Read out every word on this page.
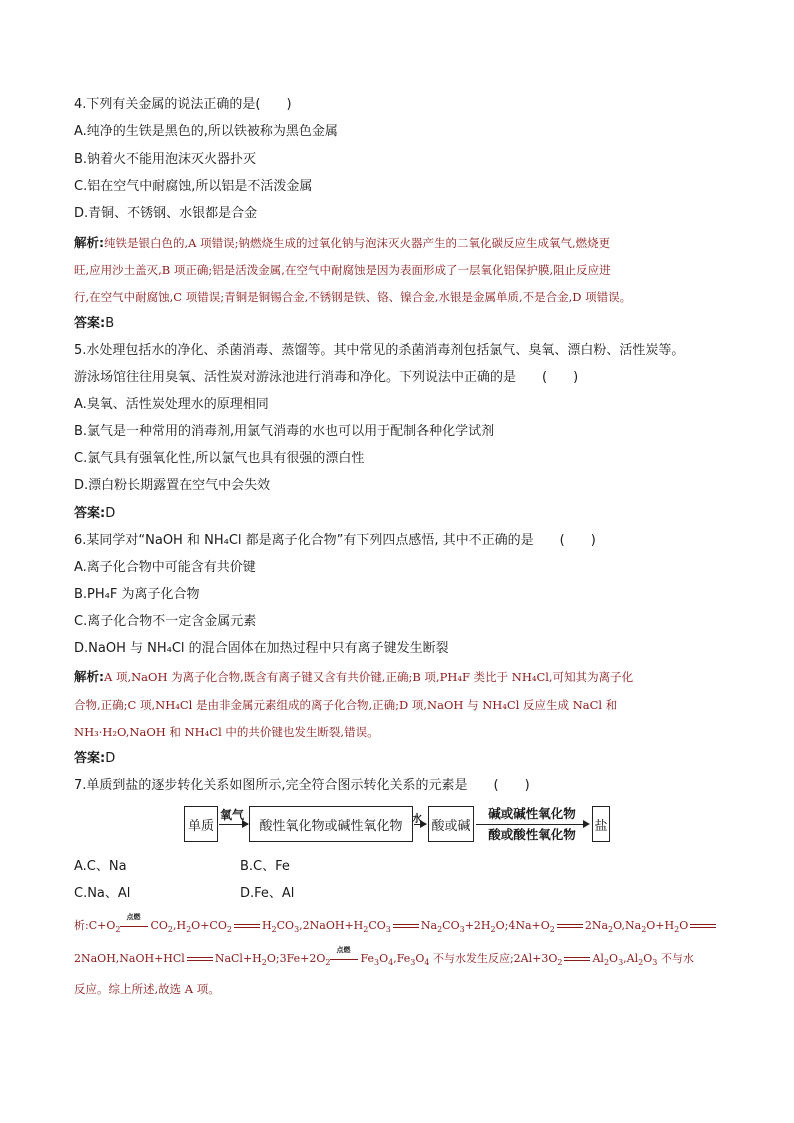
4.下列有关金属的说法正确的是(　　)
A.纯净的生铁是黑色的,所以铁被称为黑色金属
B.钠着火不能用泡沫灭火器扑灭
C.铝在空气中耐腐蚀,所以铝是不活泼金属
D.青铜、不锈钢、水银都是合金
解析:纯铁是银白色的,A 项错误;钠燃烧生成的过氧化钠与泡沫灭火器产生的二氧化碳反应生成氧气,燃烧更
旺,应用沙土盖灭,B 项正确;铝是活泼金属,在空气中耐腐蚀是因为表面形成了一层氧化铝保护膜,阻止反应进
行,在空气中耐腐蚀,C 项错误;青铜是铜锡合金,不锈钢是铁、铬、镍合金,水银是金属单质,不是合金,D 项错误。
答案:B
5.水处理包括水的净化、杀菌消毒、蒸馏等。其中常见的杀菌消毒剂包括氯气、臭氧、漂白粉、活性炭等。
游泳场馆往往用臭氧、活性炭对游泳池进行消毒和净化。下列说法中正确的是　　(　　)
A.臭氧、活性炭处理水的原理相同
B.氯气是一种常用的消毒剂,用氯气消毒的水也可以用于配制各种化学试剂
C.氯气具有强氧化性,所以氯气也具有很强的漂白性
D.漂白粉长期露置在空气中会失效
答案:D
6.某同学对“NaOH 和 NH₄Cl 都是离子化合物”有下列四点感悟, 其中不正确的是　　(　　)
A.离子化合物中可能含有共价键
B.PH₄F 为离子化合物
C.离子化合物不一定含金属元素
D.NaOH 与 NH₄Cl 的混合固体在加热过程中只有离子键发生断裂
解析:A 项,NaOH 为离子化合物,既含有离子键又含有共价键,正确;B 项,PH₄F 类比于 NH₄Cl,可知其为离子化
合物,正确;C 项,NH₄Cl 是由非金属元素组成的离子化合物,正确;D 项,NaOH 与 NH₄Cl 反应生成 NaCl 和
NH₃·H₂O,NaOH 和 NH₄Cl 中的共价键也发生断裂,错误。
答案:D
7.单质到盐的逐步转化关系如图所示,完全符合图示转化关系的元素是　　(　　)
单质
氧气
酸性氧化物或碱性氧化物 水 酸或碱
碱或碱性氧化物
酸或酸性氧化物
盐
A.C、Na	B.C、Fe
C.Na、Al	D.Fe、Al
析$:C+O_2$
点燃
$CO_2,H_2O+CO_2$	$H_2CO_3,2NaOH+H_2CO_3$	$Na_2CO_3+2H_2O;4Na+O_2$	$2Na_2O,Na_2O+H_2O$
2NaOH,NaOH+HCl	$NaCl+H_2O;3Fe+2O_2$
点燃
$Fe_3O_4,Fe_3O_4$ 不与水发生反应$;2Al+3O_2$	$Al_2O_3,Al_2O_3$ 不与水
反应。综上所述,故选 A 项。
